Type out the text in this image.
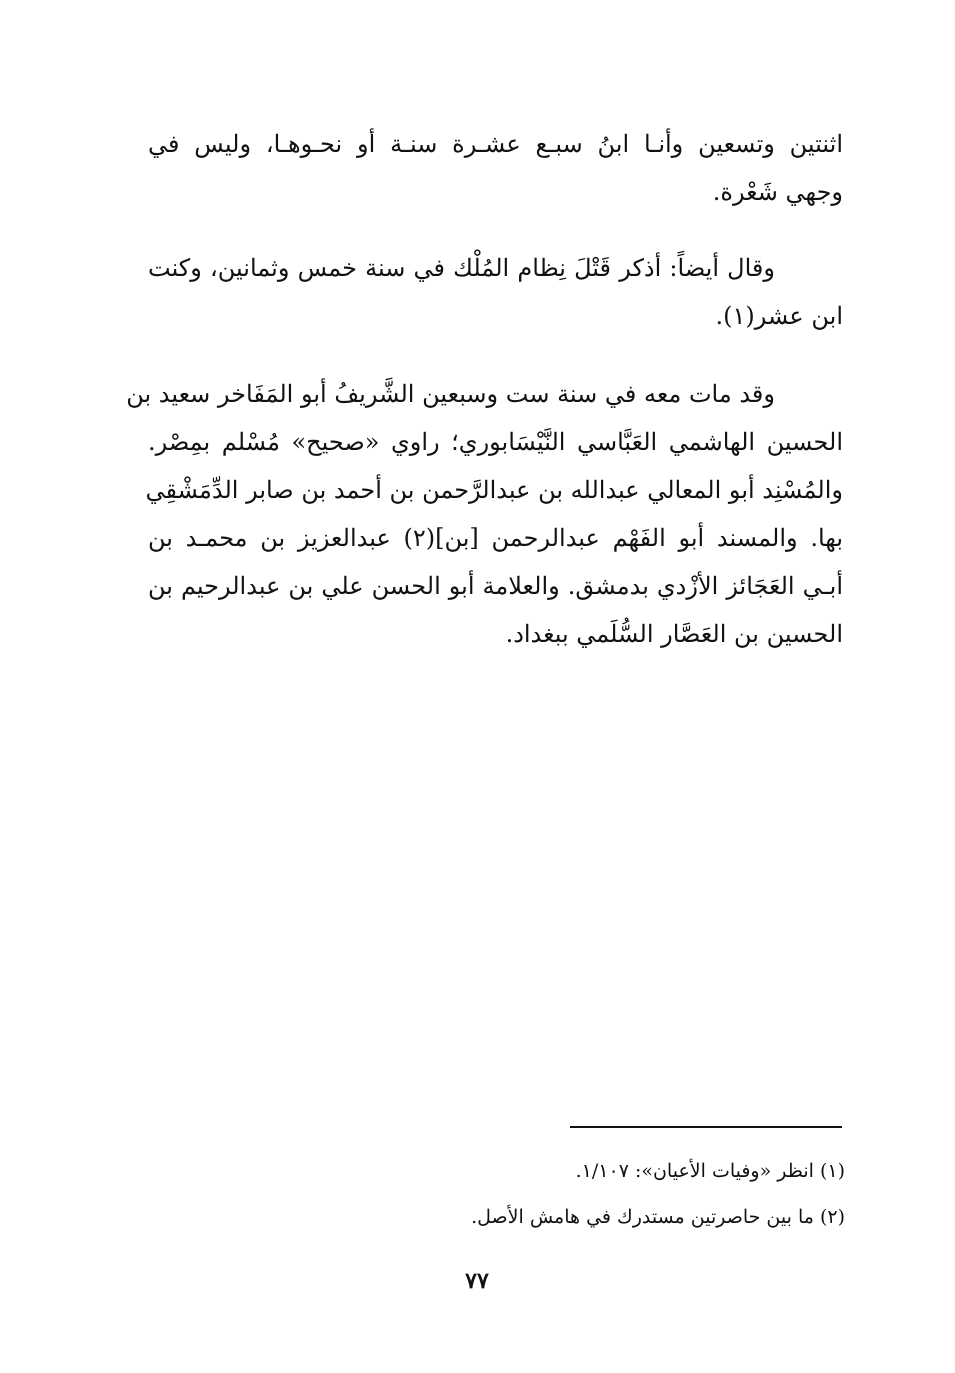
اثنتين وتسعين وأنـا ابنُ سبـع عشـرة سنـة أو نحـوهـا، وليس في
وجهي شَعْرة.
وقال أيضاً: أذكر قَتْلَ نِظام المُلْك في سنة خمس وثمانين، وكنت
ابن عشر(١).
وقد مات معه في سنة ست وسبعين الشَّريفُ أبو المَفَاخر سعيد بن
الحسين الهاشمي العَبَّاسي النَّيْسَابوري؛ راوي «صحيح» مُسْلم بمِصْر.
والمُسْنِد أبو المعالي عبدالله بن عبدالرَّحمن بن أحمد بن صابر الدِّمَشْقِي
بها. والمسند أبو الفَهْم عبدالرحمن [بن](٢) عبدالعزيز بن محمـد بن
أبـي العَجَائز الأزْدي بدمشق. والعلامة أبو الحسن علي بن عبدالرحيم بن
الحسين بن العَصَّار السُّلَمي ببغداد.
(١) انظر «وفيات الأعيان»: ١/١٠٧.
(٢) ما بين حاصرتين مستدرك في هامش الأصل.
٧٧
